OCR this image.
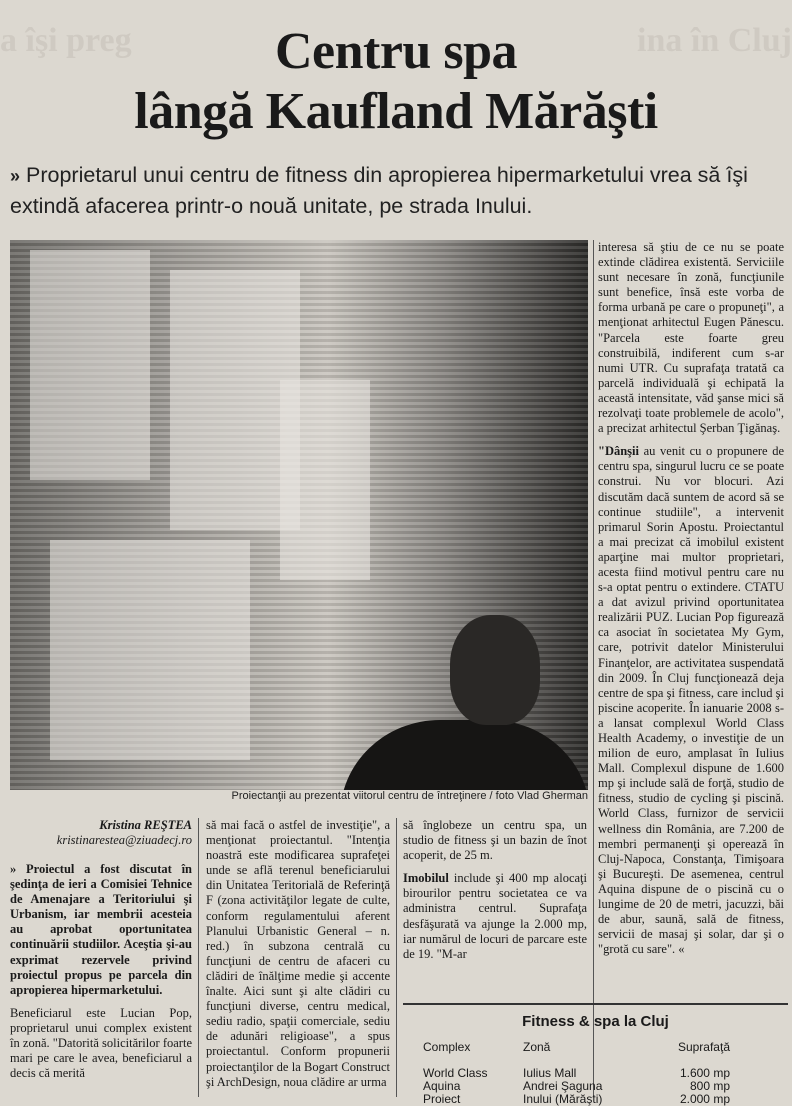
a îşi preg	ina în Cluj
Centru spa
lângă Kaufland Mărăşti
» Proprietarul unui centru de fitness din apropierea hipermarketului vrea să îşi extindă afacerea printr-o nouă unitate, pe strada Inului.
Proiectanţii au prezentat viitorul centru de întreţinere / foto Vlad Gherman
Kristina REŞTEA
kristinarestea@ziuadecj.ro

» Proiectul a fost discutat în şedinţa de ieri a Comisiei Tehnice de Amenajare a Teritoriului şi Urbanism, iar membrii acesteia au aprobat oportunitatea continuării studiilor. Aceştia şi-au exprimat rezervele privind proiectul propus pe parcela din apropierea hipermarketului.

Beneficiarul este Lucian Pop, proprietarul unui complex existent în zonă. "Datorită solicitărilor foarte mari pe care le avea, beneficiarul a decis că merită

să mai facă o astfel de investiţie", a menţionat proiectantul. "Intenţia noastră este modificarea suprafeţei unde se află terenul beneficiarului din Unitatea Teritorială de Referinţă F (zona activităţilor legate de culte, conform regulamentului aferent Planului Urbanistic General – n. red.) în subzona centrală cu funcţiuni de centru de afaceri cu clădiri de înălţime medie şi accente înalte. Aici sunt şi alte clădiri cu funcţiuni diverse, centru medical, sediu radio, spaţii comerciale, sediu de adunări religioase", a spus proiectantul. Conform propunerii proiectanţilor de la Bogart Construct şi ArchDesign, noua clădire ar urma

să înglobeze un centru spa, un studio de fitness şi un bazin de înot acoperit, de 25 m.

Imobilul include şi 400 mp alocaţi birourilor pentru societatea ce va administra centrul. Suprafaţa desfăşurată va ajunge la 2.000 mp, iar numărul de locuri de parcare este de 19. "M-ar

interesa să ştiu de ce nu se poate extinde clădirea existentă. Serviciile sunt necesare în zonă, funcţiunile sunt benefice, însă este vorba de forma urbană pe care o propuneţi", a menţionat arhitectul Eugen Pănescu. "Parcela este foarte greu construibilă, indiferent cum s-ar numi UTR. Cu suprafaţa tratată ca parcelă individuală şi echipată la această intensitate, văd şanse mici să rezolvaţi toate problemele de acolo", a precizat arhitectul Şerban Ţigănaş.

"Dânşii au venit cu o propunere de centru spa, singurul lucru ce se poate construi. Nu vor blocuri. Azi discutăm dacă suntem de acord să se continue studiile", a intervenit primarul Sorin Apostu. Proiectantul a mai precizat că imobilul existent aparţine mai multor proprietari, acesta fiind motivul pentru care nu s-a optat pentru o extindere. CTATU a dat avizul privind oportunitatea realizării PUZ. Lucian Pop figurează ca asociat în societatea My Gym, care, potrivit datelor Ministerului Finanţelor, are activitatea suspendată din 2009. În Cluj funcţionează deja centre de spa şi fitness, care includ şi piscine acoperite. În ianuarie 2008 s-a lansat complexul World Class Health Academy, o investiţie de un milion de euro, amplasat în Iulius Mall. Complexul dispune de 1.600 mp şi include sală de forţă, studio de fitness, studio de cycling şi piscină. World Class, furnizor de servicii wellness din România, are 7.200 de membri permanenţi şi operează în Cluj-Napoca, Constanţa, Timişoara şi Bucureşti. De asemenea, centrul Aquina dispune de o piscină cu o lungime de 20 de metri, jacuzzi, băi de abur, saună, sală de fitness, servicii de masaj şi solar, dar şi o "grotă cu sare". «

Fitness & spa la Cluj
Complex	Zonă	Suprafaţă
World Class	Iulius Mall	1.600 mp
Aquina	Andrei Şaguna	800 mp
Proiect	Inului (Mărăşti)	2.000 mp
